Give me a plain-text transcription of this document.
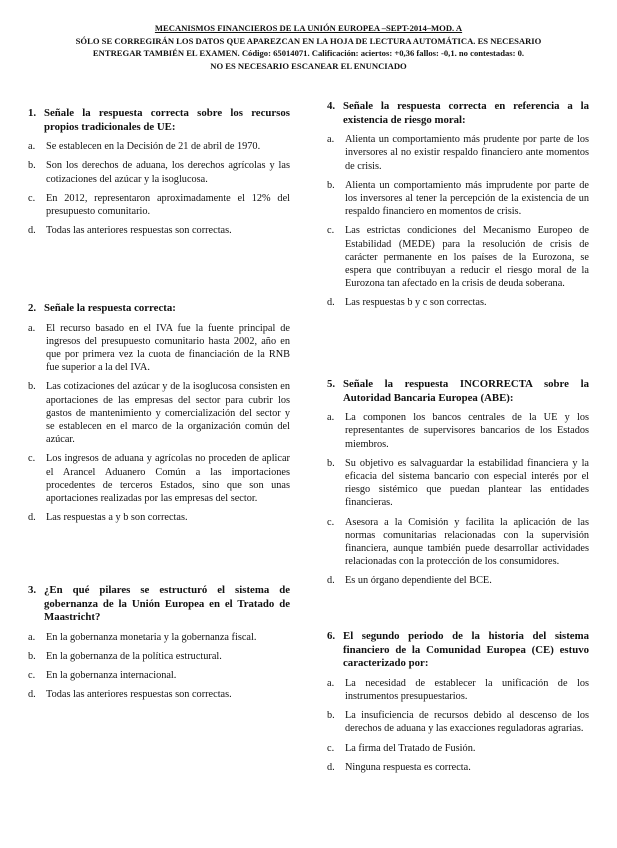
MECANISMOS FINANCIEROS DE LA UNIÓN EUROPEA –SEPT-2014–MOD. A
SÓLO SE CORREGIRÁN LOS DATOS QUE APAREZCAN EN LA HOJA DE LECTURA AUTOMÁTICA. ES NECESARIO
ENTREGAR TAMBIÉN EL EXAMEN. Código: 65014071. Calificación: aciertos: +0,36 fallos: -0,1. no contestadas: 0.
NO ES NECESARIO ESCANEAR EL ENUNCIADO
1. Señale la respuesta correcta sobre los recursos propios tradicionales de UE:
a.	Se establecen en la Decisión de 21 de abril de 1970.
b. Son los derechos de aduana, los derechos agrícolas y las cotizaciones del azúcar y la isoglucosa.
c.	En 2012, representaron aproximadamente el 12% del presupuesto comunitario.
d. Todas las anteriores respuestas son correctas.
2. Señale la respuesta correcta:
a.	El recurso basado en el IVA fue la fuente principal de ingresos del presupuesto comunitario hasta 2002, año en que por primera vez la cuota de financiación de la RNB fue superior a la del IVA.
b. Las cotizaciones del azúcar y de la isoglucosa consisten en aportaciones de las empresas del sector para cubrir los gastos de mantenimiento y comercialización del sector y se establecen en el marco de la organización común del azúcar.
c.	Los ingresos de aduana y agrícolas no proceden de aplicar el Arancel Aduanero Común a las importaciones procedentes de terceros Estados, sino que son unas aportaciones realizadas por las empresas del sector.
d. Las respuestas a y b son correctas.
3. ¿En qué pilares se estructuró el sistema de gobernanza de la Unión Europea en el Tratado de Maastricht?
a.	En la gobernanza monetaria y la gobernanza fiscal.
b. En la gobernanza de la política estructural.
c.	En la gobernanza internacional.
d. Todas las anteriores respuestas son correctas.
4. Señale la respuesta correcta en referencia a la existencia de riesgo moral:
a.	Alienta un comportamiento más prudente por parte de los inversores al no existir respaldo financiero ante momentos de crisis.
b. Alienta un comportamiento más imprudente por parte de los inversores al tener la percepción de la existencia de un respaldo financiero en momentos de crisis.
c.	Las estrictas condiciones del Mecanismo Europeo de Estabilidad (MEDE) para la resolución de crisis de carácter permanente en los países de la Eurozona, se espera que contribuyan a reducir el riesgo moral de la Eurozona tan afectado en la crisis de deuda soberana.
d. Las respuestas b y c son correctas.
5. Señale la respuesta INCORRECTA sobre la Autoridad Bancaria Europea (ABE):
a.	La componen los bancos centrales de la UE y los representantes de supervisores bancarios de los Estados miembros.
b. Su objetivo es salvaguardar la estabilidad financiera y la eficacia del sistema bancario con especial interés por el riesgo sistémico que puedan plantear las entidades financieras.
c.	Asesora a la Comisión y facilita la aplicación de las normas comunitarias relacionadas con la supervisión financiera, aunque también puede desarrollar actividades relacionadas con la protección de los consumidores.
d. Es un órgano dependiente del BCE.
6. El segundo periodo de la historia del sistema financiero de la Comunidad Europea (CE) estuvo caracterizado por:
a.	La necesidad de establecer la unificación de los instrumentos presupuestarios.
b. La insuficiencia de recursos debido al descenso de los derechos de aduana y las exacciones reguladoras agrarias.
c.	La firma del Tratado de Fusión.
d. Ninguna respuesta es correcta.
